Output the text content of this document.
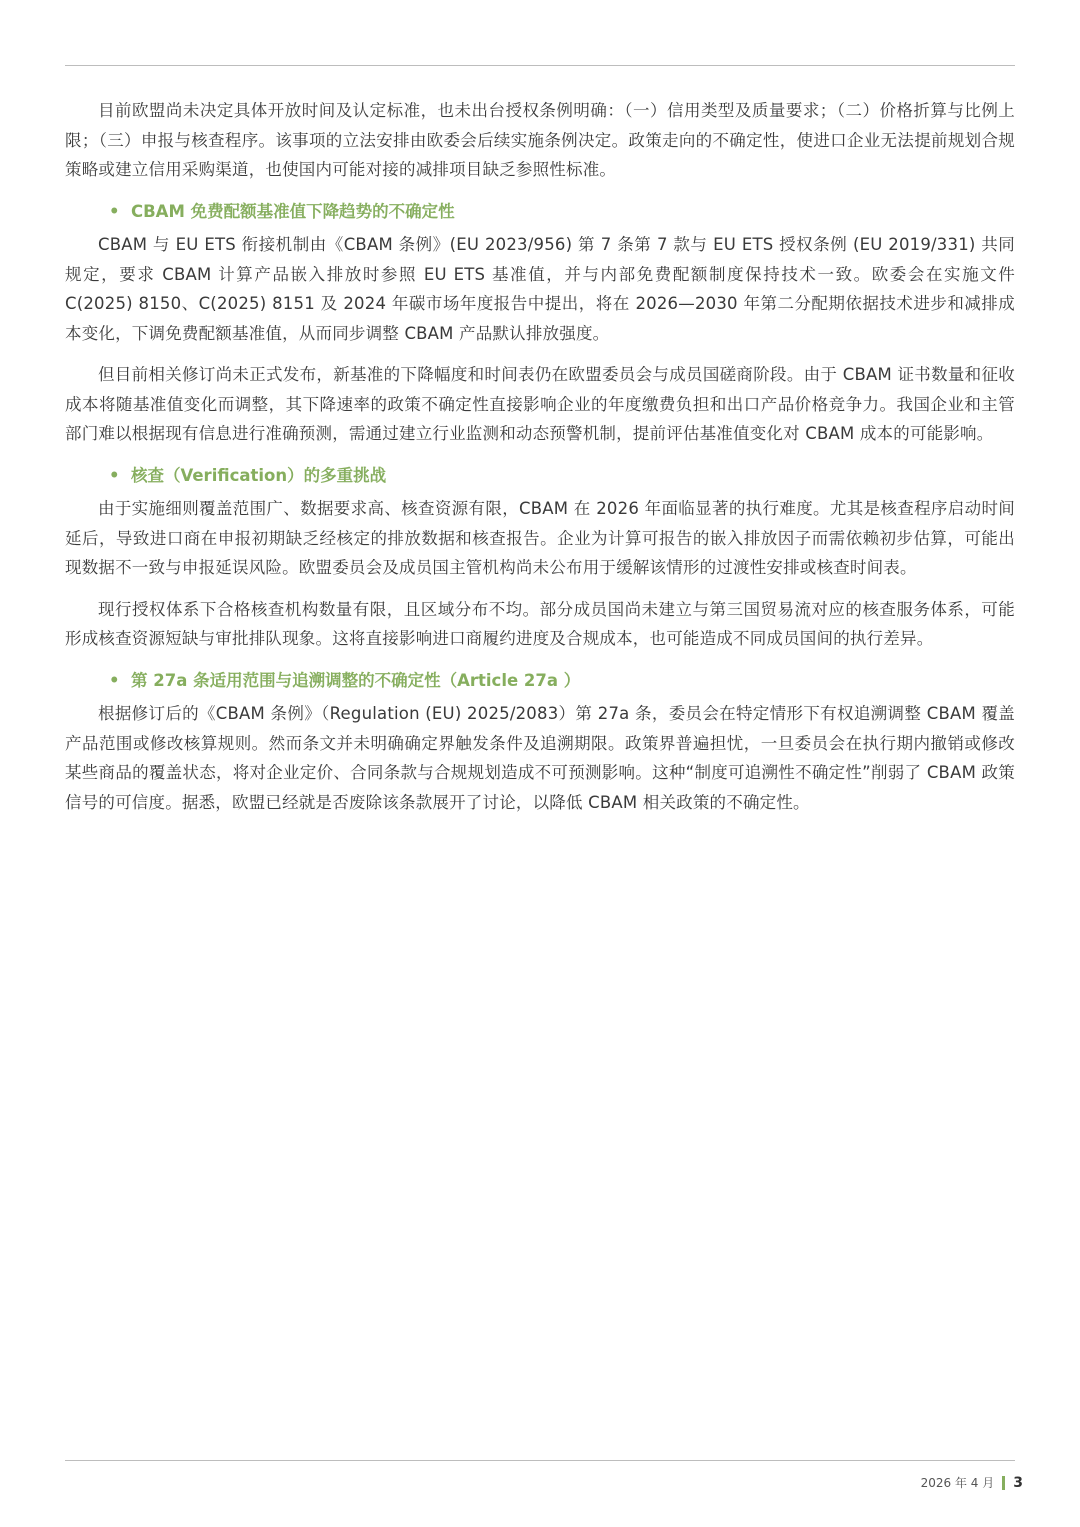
目前欧盟尚未决定具体开放时间及认定标准，也未出台授权条例明确：（一）信用类型及质量要求；（二）价格折算与比例上限；（三）申报与核查程序。该事项的立法安排由欧委会后续实施条例决定。政策走向的不确定性，使进口企业无法提前规划合规策略或建立信用采购渠道，也使国内可能对接的减排项目缺乏参照性标准。

• CBAM 免费配额基准值下降趋势的不确定性

CBAM 与 EU ETS 衔接机制由《CBAM 条例》(EU 2023/956) 第 7 条第 7 款与 EU ETS 授权条例 (EU 2019/331) 共同规定，要求 CBAM 计算产品嵌入排放时参照 EU ETS 基准值，并与内部免费配额制度保持技术一致。欧委会在实施文件 C(2025) 8150、C(2025) 8151 及 2024 年碳市场年度报告中提出，将在 2026—2030 年第二分配期依据技术进步和减排成本变化，下调免费配额基准值，从而同步调整 CBAM 产品默认排放强度。

但目前相关修订尚未正式发布，新基准的下降幅度和时间表仍在欧盟委员会与成员国磋商阶段。由于 CBAM 证书数量和征收成本将随基准值变化而调整，其下降速率的政策不确定性直接影响企业的年度缴费负担和出口产品价格竞争力。我国企业和主管部门难以根据现有信息进行准确预测，需通过建立行业监测和动态预警机制，提前评估基准值变化对 CBAM 成本的可能影响。

• 核查（Verification）的多重挑战

由于实施细则覆盖范围广、数据要求高、核查资源有限，CBAM 在 2026 年面临显著的执行难度。尤其是核查程序启动时间延后，导致进口商在申报初期缺乏经核定的排放数据和核查报告。企业为计算可报告的嵌入排放因子而需依赖初步估算，可能出现数据不一致与申报延误风险。欧盟委员会及成员国主管机构尚未公布用于缓解该情形的过渡性安排或核查时间表。

现行授权体系下合格核查机构数量有限，且区域分布不均。部分成员国尚未建立与第三国贸易流对应的核查服务体系，可能形成核查资源短缺与审批排队现象。这将直接影响进口商履约进度及合规成本，也可能造成不同成员国间的执行差异。

• 第 27a 条适用范围与追溯调整的不确定性（Article 27a ）

根据修订后的《CBAM 条例》（Regulation (EU) 2025/2083）第 27a 条，委员会在特定情形下有权追溯调整 CBAM 覆盖产品范围或修改核算规则。然而条文并未明确确定界触发条件及追溯期限。政策界普遍担忧，一旦委员会在执行期内撤销或修改某些商品的覆盖状态，将对企业定价、合同条款与合规规划造成不可预测影响。这种“制度可追溯性不确定性”削弱了 CBAM 政策信号的可信度。据悉，欧盟已经就是否废除该条款展开了讨论，以降低 CBAM 相关政策的不确定性。

2026 年 4 月 3
